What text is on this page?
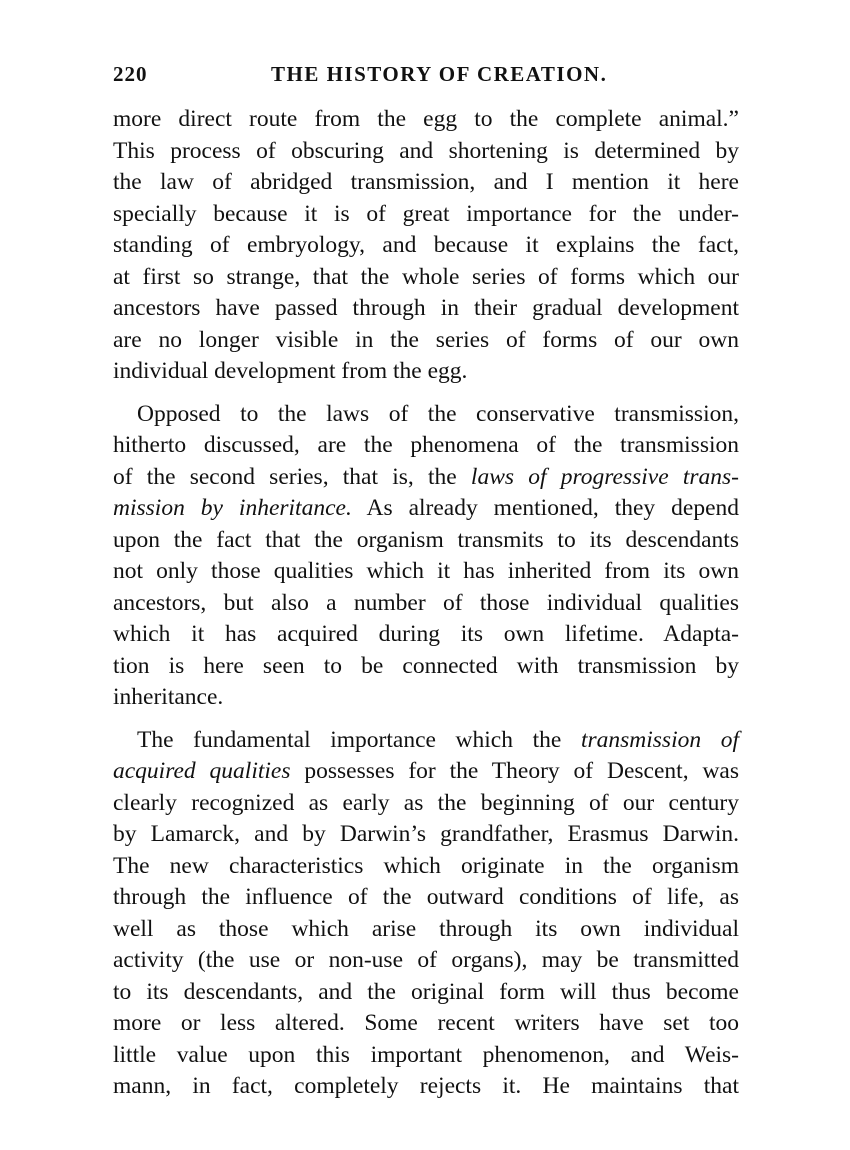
220	THE HISTORY OF CREATION.

more direct route from the egg to the complete animal.”
This process of obscuring and shortening is determined by
the law of abridged transmission, and I mention it here
specially because it is of great importance for the under-
standing of embryology, and because it explains the fact,
at first so strange, that the whole series of forms which our
ancestors have passed through in their gradual development
are no longer visible in the series of forms of our own
individual development from the egg.

Opposed to the laws of the conservative transmission,
hitherto discussed, are the phenomena of the transmission
of the second series, that is, the laws of progressive trans-
mission by inheritance. As already mentioned, they depend
upon the fact that the organism transmits to its descendants
not only those qualities which it has inherited from its own
ancestors, but also a number of those individual qualities
which it has acquired during its own lifetime. Adapta-
tion is here seen to be connected with transmission by
inheritance.

The fundamental importance which the transmission of
acquired qualities possesses for the Theory of Descent, was
clearly recognized as early as the beginning of our century
by Lamarck, and by Darwin’s grandfather, Erasmus Darwin.
The new characteristics which originate in the organism
through the influence of the outward conditions of life, as
well as those which arise through its own individual
activity (the use or non-use of organs), may be transmitted
to its descendants, and the original form will thus become
more or less altered. Some recent writers have set too
little value upon this important phenomenon, and Weis-
mann, in fact, completely rejects it. He maintains that
